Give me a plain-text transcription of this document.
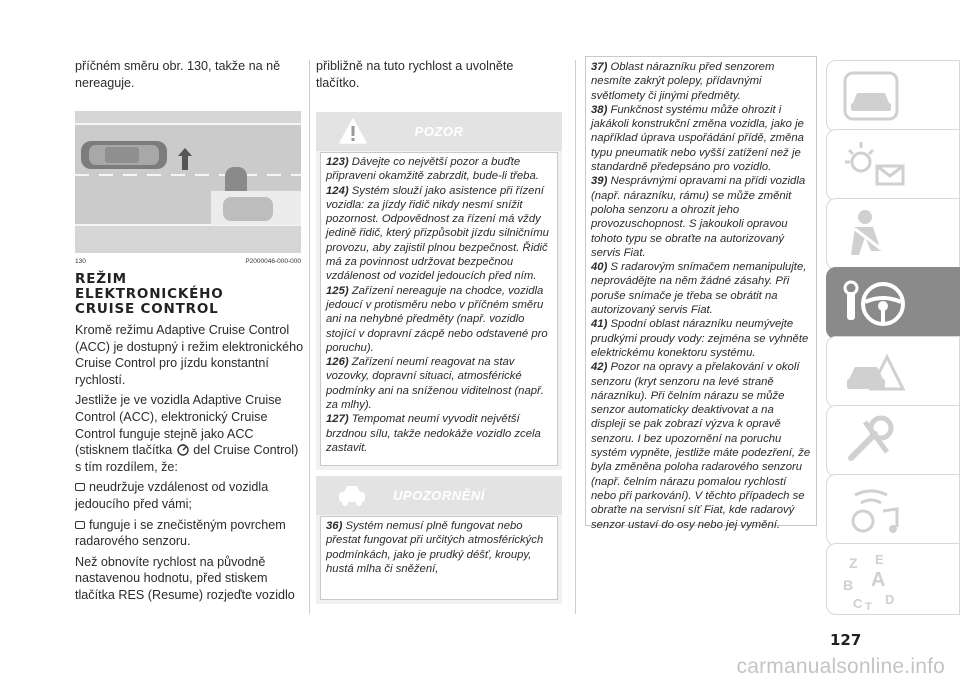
příčném směru obr. 130, takže na ně nereaguje.

130	P2000046-000-000
REŽIM
ELEKTRONICKÉHO
CRUISE CONTROL

Kromě režimu Adaptive Cruise Control (ACC) je dostupný i režim elektronického Cruise Control pro jízdu konstantní rychlostí.

Jestliže je ve vozidla Adaptive Cruise Control (ACC), elektronický Cruise Control funguje stejně jako ACC (stisknem tlačítka del Cruise Control) s tím rozdílem, že:

neudržuje vzdálenost od vozidla jedoucího před vámi;

funguje i se znečistěným povrchem radarového senzoru.

Než obnovíte rychlost na původně nastavenou hodnotu, před stiskem tlačítka RES (Resume) rozjeďte vozidlo

přibližně na tuto rychlost a uvolněte tlačítko.

POZOR

123) Dávejte co největší pozor a buďte připraveni okamžitě zabrzdit, bude-li třeba.

124) Systém slouží jako asistence při řízení vozidla: za jízdy řidič nikdy nesmí snížit pozornost. Odpovědnost za řízení má vždy jedině řidič, který přizpůsobit jízdu silničnímu provozu, aby zajistil plnou bezpečnost. Řidič má za povinnost udržovat bezpečnou vzdálenost od vozidel jedoucích před ním.

125) Zařízení nereaguje na chodce, vozidla jedoucí v protisměru nebo v příčném směru ani na nehybné předměty (např. vozidlo stojící v dopravní zácpě nebo odstavené pro poruchu).

126) Zařízení neumí reagovat na stav vozovky, dopravní situaci, atmosférické podmínky ani na sníženou viditelnost (např. za mlhy).

127) Tempomat neumí vyvodit největší brzdnou sílu, takže nedokáže vozidlo zcela zastavit.

UPOZORNĚNÍ

36) Systém nemusí plně fungovat nebo přestat fungovat při určitých atmosférických podmínkách, jako je prudký déšť, kroupy, hustá mlha či sněžení,

37) Oblast nárazníku před senzorem nesmíte zakrýt polepy, přídavnými světlomety či jinými předměty.

38) Funkčnost systému může ohrozit i jakákoli konstrukční změna vozidla, jako je například úprava uspořádání přídě, změna typu pneumatik nebo vyšší zatížení než je standardně předepsáno pro vozidlo.

39) Nesprávnými opravami na přídi vozidla (např. nárazníku, rámu) se může změnit poloha senzoru a ohrozit jeho provozuschopnost. S jakoukoli opravou tohoto typu se obraťte na autorizovaný servis Fiat.

40) S radarovým snímačem nemanipulujte, neprovádějte na něm žádné zásahy. Při poruše snímače je třeba se obrátit na autorizovaný servis Fiat.

41) Spodní oblast nárazníku neumývejte prudkými proudy vody: zejména se vyhněte elektrickému konektoru systému.

42) Pozor na opravy a přelakování v okolí senzoru (kryt senzoru na levé straně nárazníku). Při čelním nárazu se může senzor automaticky deaktivovat a na displeji se pak zobrazí výzva k opravě senzoru. I bez upozornění na poruchu systém vypněte, jestliže máte podezření, že byla změněna poloha radarového senzoru (např. čelním nárazu pomalou rychlostí nebo při parkování). V těchto případech se obraťte na servisní síť Fiat, kde radarový senzor ustaví do osy nebo jej vymění.

Z E
B A
C D
T
127
carmanualsonline.info
